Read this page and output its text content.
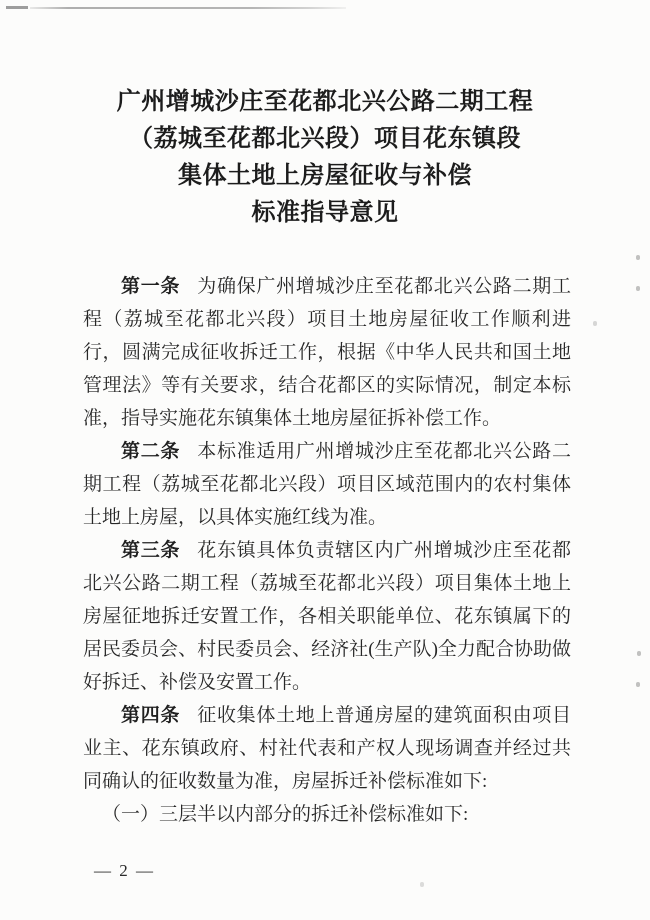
广州增城沙庄至花都北兴公路二期工程
（荔城至花都北兴段）项目花东镇段
集体土地上房屋征收与补偿
标准指导意见

第一条 为确保广州增城沙庄至花都北兴公路二期工程（荔城至花都北兴段）项目土地房屋征收工作顺利进行，圆满完成征收拆迁工作，根据《中华人民共和国土地管理法》等有关要求，结合花都区的实际情况，制定本标准，指导实施花东镇集体土地房屋征拆补偿工作。

第二条 本标准适用广州增城沙庄至花都北兴公路二期工程（荔城至花都北兴段）项目区域范围内的农村集体土地上房屋，以具体实施红线为准。

第三条 花东镇具体负责辖区内广州增城沙庄至花都北兴公路二期工程（荔城至花都北兴段）项目集体土地上房屋征地拆迁安置工作，各相关职能单位、花东镇属下的居民委员会、村民委员会、经济社(生产队)全力配合协助做好拆迁、补偿及安置工作。

第四条 征收集体土地上普通房屋的建筑面积由项目业主、花东镇政府、村社代表和产权人现场调查并经过共同确认的征收数量为准，房屋拆迁补偿标准如下:

（一）三层半以内部分的拆迁补偿标准如下:

— 2 —
